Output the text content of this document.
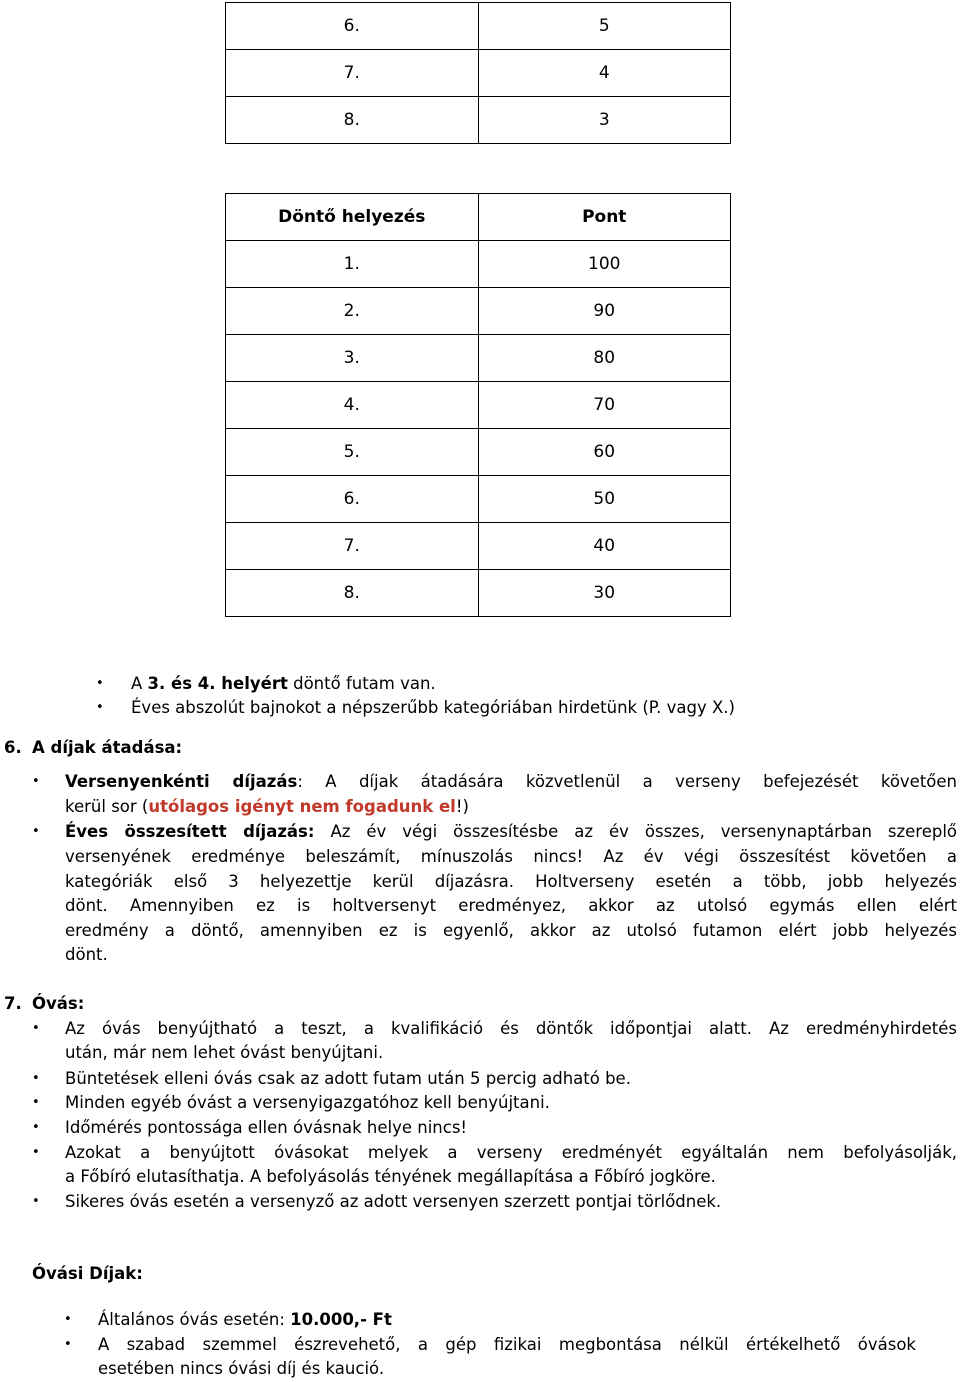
6.	5
7.	4
8.	3
Döntő helyezés	Pont
1.	100
2.	90
3.	80
4.	70
5.	60
6.	50
7.	40
8.	30
• A 3. és 4. helyért döntő futam van.
• Éves abszolút bajnokot a népszerűbb kategóriában hirdetünk (P. vagy X.)
6. A díjak átadása:
• Versenyenkénti díjazás: A díjak átadására közvetlenül a verseny befejezését követően
kerül sor (utólagos igényt nem fogadunk el!)
• Éves összesített díjazás: Az év végi összesítésbe az év összes, versenynaptárban szereplő
versenyének eredménye beleszámít, mínuszolás nincs! Az év végi összesítést követően a
kategóriák első 3 helyezettje kerül díjazásra. Holtverseny esetén a több, jobb helyezés
dönt. Amennyiben ez is holtversenyt eredményez, akkor az utolsó egymás ellen elért
eredmény a döntő, amennyiben ez is egyenlő, akkor az utolsó futamon elért jobb helyezés
dönt.
7. Óvás:
• Az óvás benyújtható a teszt, a kvalifikáció és döntők időpontjai alatt. Az eredményhirdetés
után, már nem lehet óvást benyújtani.
• Büntetések elleni óvás csak az adott futam után 5 percig adható be.
• Minden egyéb óvást a versenyigazgatóhoz kell benyújtani.
• Időmérés pontossága ellen óvásnak helye nincs!
• Azokat a benyújtott óvásokat melyek a verseny eredményét egyáltalán nem befolyásolják,
a Főbíró elutasíthatja. A befolyásolás tényének megállapítása a Főbíró jogköre.
• Sikeres óvás esetén a versenyző az adott versenyen szerzett pontjai törlődnek.
Óvási Díjak:
• Általános óvás esetén: 10.000,- Ft
• A szabad szemmel észrevehető, a gép fizikai megbontása nélkül értékelhető óvások
esetében nincs óvási díj és kaució.
